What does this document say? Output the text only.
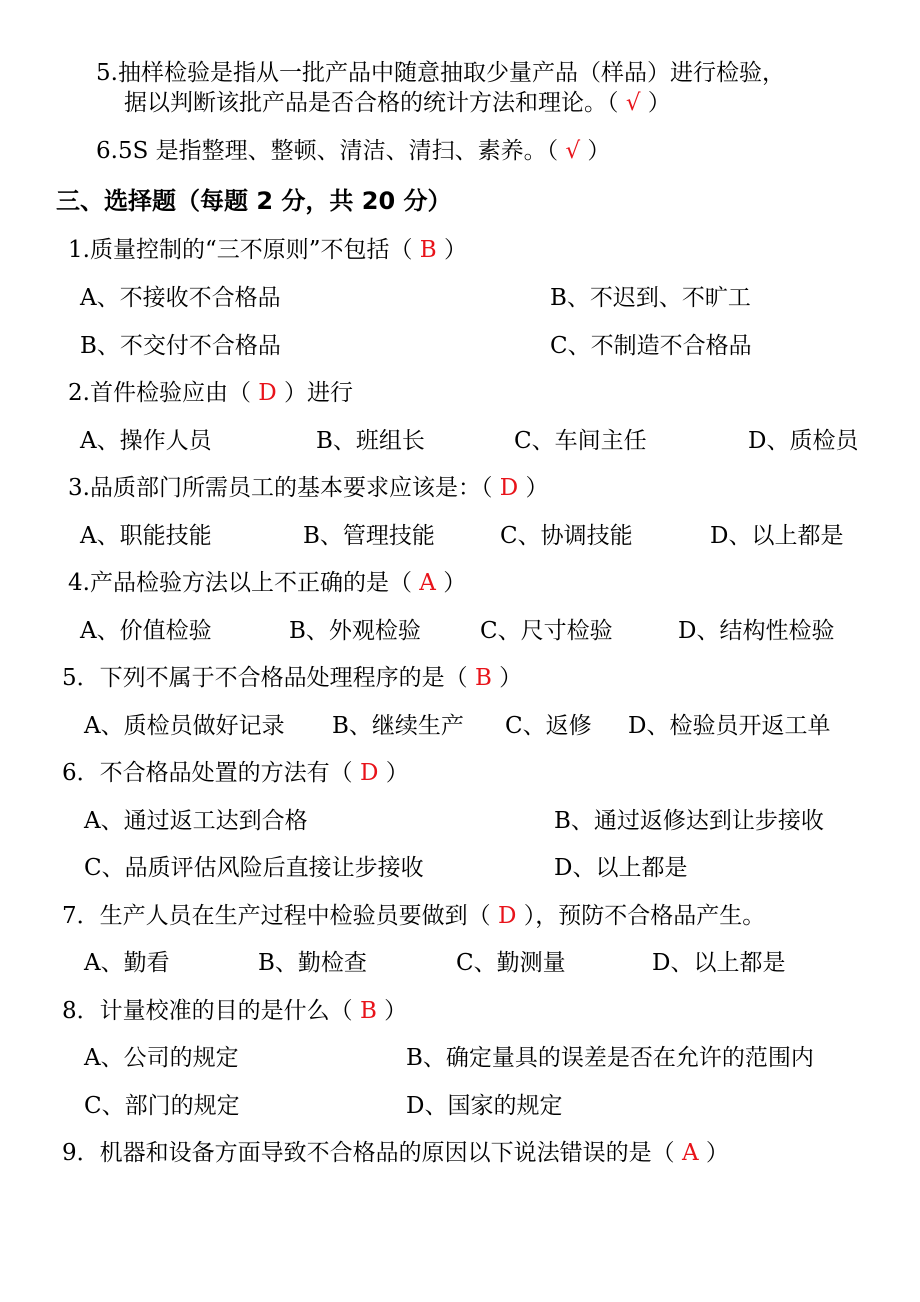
5.抽样检验是指从一批产品中随意抽取少量产品（样品）进行检验，
据以判断该批产品是否合格的统计方法和理论。（ √ ）
6.5S 是指整理、整顿、清洁、清扫、素养。（ √ ）
三、选择题（每题 2 分，共 20 分）
1.质量控制的“三不原则”不包括（ B ）
A、不接收不合格品	B、不迟到、不旷工
B、不交付不合格品	C、不制造不合格品
2.首件检验应由（ D ）进行
A、操作人员	B、班组长	C、车间主任	D、质检员
3.品质部门所需员工的基本要求应该是：（ D ）
A、职能技能	B、管理技能	C、协调技能	D、以上都是
4.产品检验方法以上不正确的是（ A ）
A、价值检验	B、外观检验	C、尺寸检验	D、结构性检验
5．下列不属于不合格品处理程序的是（ B ）
A、质检员做好记录 B、继续生产 C、返修 D、检验员开返工单
6．不合格品处置的方法有（ D ）
A、通过返工达到合格	B、通过返修达到让步接收
C、品质评估风险后直接让步接收	D、以上都是
7．生产人员在生产过程中检验员要做到（ D ），预防不合格品产生。
A、勤看	B、勤检查	C、勤测量	D、以上都是
8．计量校准的目的是什么（ B ）
A、公司的规定	B、确定量具的误差是否在允许的范围内
C、部门的规定	D、国家的规定
9．机器和设备方面导致不合格品的原因以下说法错误的是（ A ）
